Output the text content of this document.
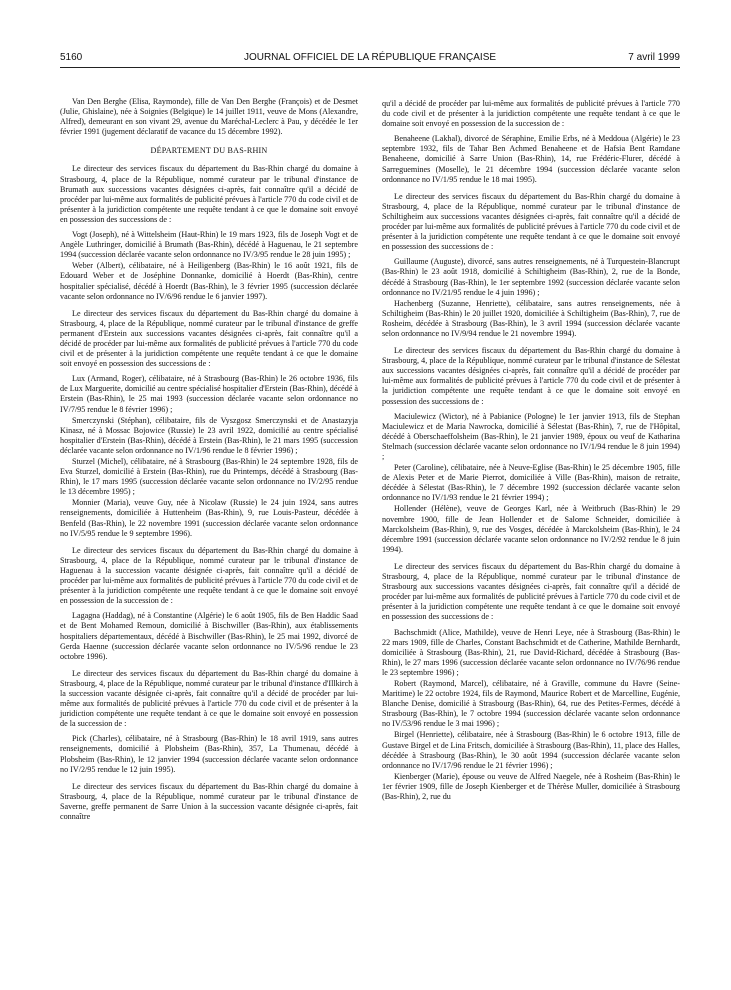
5160	JOURNAL OFFICIEL DE LA RÉPUBLIQUE FRANÇAISE	7 avril 1999

Van Den Berghe (Elisa, Raymonde), fille de Van Den Berghe (François) et de Desmet (Julie, Ghislaine), née à Soignies (Belgique) le 14 juillet 1911, veuve de Mons (Alexandre, Alfred), demeurant en son vivant 29, avenue du Maréchal-Leclerc à Pau, y décédée le 1er février 1991 (jugement déclaratif de vacance du 15 décembre 1992).

DÉPARTEMENT DU BAS-RHIN

Le directeur des services fiscaux du département du Bas-Rhin chargé du domaine à Strasbourg, 4, place de la République, nommé curateur par le tribunal d'instance de Brumath aux successions vacantes désignées ci-après, fait connaître qu'il a décidé de procéder par lui-même aux formalités de publicité prévues à l'article 770 du code civil et de présenter à la juridiction compétente une requête tendant à ce que le domaine soit envoyé en possession des successions de :

Vogt (Joseph), né à Wittelsheim (Haut-Rhin) le 19 mars 1923, fils de Joseph Vogt et de Angèle Luthringer, domicilié à Brumath (Bas-Rhin), décédé à Haguenau, le 21 septembre 1994 (succession déclarée vacante selon ordonnance no IV/3/95 rendue le 28 juin 1995) ;

Weber (Albert), célibataire, né à Heiligenberg (Bas-Rhin) le 16 août 1921, fils de Edouard Weber et de Joséphine Donnanke, domicilié à Hoerdt (Bas-Rhin), centre hospitalier spécialisé, décédé à Hoerdt (Bas-Rhin), le 3 février 1995 (succession déclarée vacante selon ordonnance no IV/6/96 rendue le 6 janvier 1997).

Le directeur des services fiscaux du département du Bas-Rhin chargé du domaine à Strasbourg, 4, place de la République, nommé curateur par le tribunal d'instance de greffe permanent d'Erstein aux successions vacantes désignées ci-après, fait connaître qu'il a décidé de procéder par lui-même aux formalités de publicité prévues à l'article 770 du code civil et de présenter à la juridiction compétente une requête tendant à ce que le domaine soit envoyé en possession des successions de :

Lux (Armand, Roger), célibataire, né à Strasbourg (Bas-Rhin) le 26 octobre 1936, fils de Lux Marguerite, domicilié au centre spécialisé hospitalier d'Erstein (Bas-Rhin), décédé à Erstein (Bas-Rhin), le 25 mai 1993 (succession déclarée vacante selon ordonnance no IV/7/95 rendue le 8 février 1996) ;

Smerczynski (Stéphan), célibataire, fils de Vyszgosz Smerczynski et de Anastazyja Kinasz, né à Mossac Bojowice (Russie) le 23 avril 1922, domicilié au centre spécialisé hospitalier d'Erstein (Bas-Rhin), décédé à Erstein (Bas-Rhin), le 21 mars 1995 (succession déclarée vacante selon ordonnance no IV/1/96 rendue le 8 février 1996) ;

Sturzel (Michel), célibataire, né à Strasbourg (Bas-Rhin) le 24 septembre 1928, fils de Eva Sturzel, domicilié à Erstein (Bas-Rhin), rue du Printemps, décédé à Strasbourg (Bas-Rhin), le 17 mars 1995 (succession déclarée vacante selon ordonnance no IV/2/95 rendue le 13 décembre 1995) ;

Monnier (Maria), veuve Guy, née à Nicolaw (Russie) le 24 juin 1924, sans autres renseignements, domiciliée à Huttenheim (Bas-Rhin), 9, rue Louis-Pasteur, décédée à Benfeld (Bas-Rhin), le 22 novembre 1991 (succession déclarée vacante selon ordonnance no IV/5/95 rendue le 9 septembre 1996).

Le directeur des services fiscaux du département du Bas-Rhin chargé du domaine à Strasbourg, 4, place de la République, nommé curateur par le tribunal d'instance de Haguenau à la succession vacante désignée ci-après, fait connaître qu'il a décidé de procéder par lui-même aux formalités de publicité prévues à l'article 770 du code civil et de présenter à la juridiction compétente une requête tendant à ce que le domaine soit envoyé en possession de la succession de :

Lagagna (Haddag), né à Constantine (Algérie) le 6 août 1905, fils de Ben Haddic Saad et de Bent Mohamed Remoun, domicilié à Bischwiller (Bas-Rhin), aux établissements hospitaliers départementaux, décédé à Bischwiller (Bas-Rhin), le 25 mai 1992, divorcé de Gerda Haenne (succession déclarée vacante selon ordonnance no IV/5/96 rendue le 23 octobre 1996).

Le directeur des services fiscaux du département du Bas-Rhin chargé du domaine à Strasbourg, 4, place de la République, nommé curateur par le tribunal d'instance d'Illkirch à la succession vacante désignée ci-après, fait connaître qu'il a décidé de procéder par lui-même aux formalités de publicité prévues à l'article 770 du code civil et de présenter à la juridiction compétente une requête tendant à ce que le domaine soit envoyé en possession de la succession de :

Pick (Charles), célibataire, né à Strasbourg (Bas-Rhin) le 18 avril 1919, sans autres renseignements, domicilié à Plobsheim (Bas-Rhin), 357, La Thumenau, décédé à Plobsheim (Bas-Rhin), le 12 janvier 1994 (succession déclarée vacante selon ordonnance no IV/2/95 rendue le 12 juin 1995).

Le directeur des services fiscaux du département du Bas-Rhin chargé du domaine à Strasbourg, 4, place de la République, nommé curateur par le tribunal d'instance de Saverne, greffe permanent de Sarre Union à la succession vacante désignée ci-après, fait connaître

qu'il a décidé de procéder par lui-même aux formalités de publicité prévues à l'article 770 du code civil et de présenter à la juridiction compétente une requête tendant à ce que le domaine soit envoyé en possession de la succession de :

Benaheene (Lakhal), divorcé de Séraphine, Emilie Erbs, né à Meddoua (Algérie) le 23 septembre 1932, fils de Tahar Ben Achmed Benaheene et de Hafsia Bent Ramdane Benaheene, domicilié à Sarre Union (Bas-Rhin), 14, rue Frédéric-Flurer, décédé à Sarreguemines (Moselle), le 21 décembre 1994 (succession déclarée vacante selon ordonnance no IV/1/95 rendue le 18 mai 1995).

Le directeur des services fiscaux du département du Bas-Rhin chargé du domaine à Strasbourg, 4, place de la République, nommé curateur par le tribunal d'instance de Schiltigheim aux successions vacantes désignées ci-après, fait connaître qu'il a décidé de procéder par lui-même aux formalités de publicité prévues à l'article 770 du code civil et de présenter à la juridiction compétente une requête tendant à ce que le domaine soit envoyé en possession des successions de :

Guillaume (Auguste), divorcé, sans autres renseignements, né à Turquestein-Blancrupt (Bas-Rhin) le 23 août 1918, domicilié à Schiltigheim (Bas-Rhin), 2, rue de la Bonde, décédé à Strasbourg (Bas-Rhin), le 1er septembre 1992 (succession déclarée vacante selon ordonnance no IV/21/95 rendue le 4 juin 1996) ;

Hachenberg (Suzanne, Henriette), célibataire, sans autres renseignements, née à Schiltigheim (Bas-Rhin) le 20 juillet 1920, domiciliée à Schiltigheim (Bas-Rhin), 7, rue de Rosheim, décédée à Strasbourg (Bas-Rhin), le 3 avril 1994 (succession déclarée vacante selon ordonnance no IV/9/94 rendue le 21 novembre 1994).

Le directeur des services fiscaux du département du Bas-Rhin chargé du domaine à Strasbourg, 4, place de la République, nommé curateur par le tribunal d'instance de Sélestat aux successions vacantes désignées ci-après, fait connaître qu'il a décidé de procéder par lui-même aux formalités de publicité prévues à l'article 770 du code civil et de présenter à la juridiction compétente une requête tendant à ce que le domaine soit envoyé en possession des successions de :

Maciulewicz (Wictor), né à Pabianice (Pologne) le 1er janvier 1913, fils de Stephan Maciulewicz et de Maria Nawrocka, domicilié à Sélestat (Bas-Rhin), 7, rue de l'Hôpital, décédé à Oberschaeffolsheim (Bas-Rhin), le 21 janvier 1989, époux ou veuf de Katharina Stelmach (succession déclarée vacante selon ordonnance no IV/1/94 rendue le 8 juin 1994) ;

Peter (Caroline), célibataire, née à Neuve-Eglise (Bas-Rhin) le 25 décembre 1905, fille de Alexis Peter et de Marie Pierrot, domiciliée à Ville (Bas-Rhin), maison de retraite, décédée à Sélestat (Bas-Rhin), le 7 décembre 1992 (succession déclarée vacante selon ordonnance no IV/1/93 rendue le 21 février 1994) ;

Hollender (Hélène), veuve de Georges Karl, née à Weitbruch (Bas-Rhin) le 29 novembre 1900, fille de Jean Hollender et de Salome Schneider, domiciliée à Marckolsheim (Bas-Rhin), 9, rue des Vosges, décédée à Marckolsheim (Bas-Rhin), le 24 décembre 1991 (succession déclarée vacante selon ordonnance no IV/2/92 rendue le 8 juin 1994).

Le directeur des services fiscaux du département du Bas-Rhin chargé du domaine à Strasbourg, 4, place de la République, nommé curateur par le tribunal d'instance de Strasbourg aux successions vacantes désignées ci-après, fait connaître qu'il a décidé de procéder par lui-même aux formalités de publicité prévues à l'article 770 du code civil et de présenter à la juridiction compétente une requête tendant à ce que le domaine soit envoyé en possession des successions de :

Bachschmidt (Alice, Mathilde), veuve de Henri Leye, née à Strasbourg (Bas-Rhin) le 22 mars 1909, fille de Charles, Constant Bachschmidt et de Catherine, Mathilde Bernhardt, domiciliée à Strasbourg (Bas-Rhin), 21, rue David-Richard, décédée à Strasbourg (Bas-Rhin), le 27 mars 1996 (succession déclarée vacante selon ordonnance no IV/76/96 rendue le 23 septembre 1996) ;

Robert (Raymond, Marcel), célibataire, né à Graville, commune du Havre (Seine-Maritime) le 22 octobre 1924, fils de Raymond, Maurice Robert et de Marcelline, Eugénie, Blanche Denise, domicilié à Strasbourg (Bas-Rhin), 64, rue des Petites-Fermes, décédé à Strasbourg (Bas-Rhin), le 7 octobre 1994 (succession déclarée vacante selon ordonnance no IV/53/96 rendue le 3 mai 1996) ;

Birgel (Henriette), célibataire, née à Strasbourg (Bas-Rhin) le 6 octobre 1913, fille de Gustave Birgel et de Lina Fritsch, domiciliée à Strasbourg (Bas-Rhin), 11, place des Halles, décédée à Strasbourg (Bas-Rhin), le 30 août 1994 (succession déclarée vacante selon ordonnance no IV/17/96 rendue le 21 février 1996) ;

Kienberger (Marie), épouse ou veuve de Alfred Naegele, née à Rosheim (Bas-Rhin) le 1er février 1909, fille de Joseph Kienberger et de Thérèse Muller, domiciliée à Strasbourg (Bas-Rhin), 2, rue du
